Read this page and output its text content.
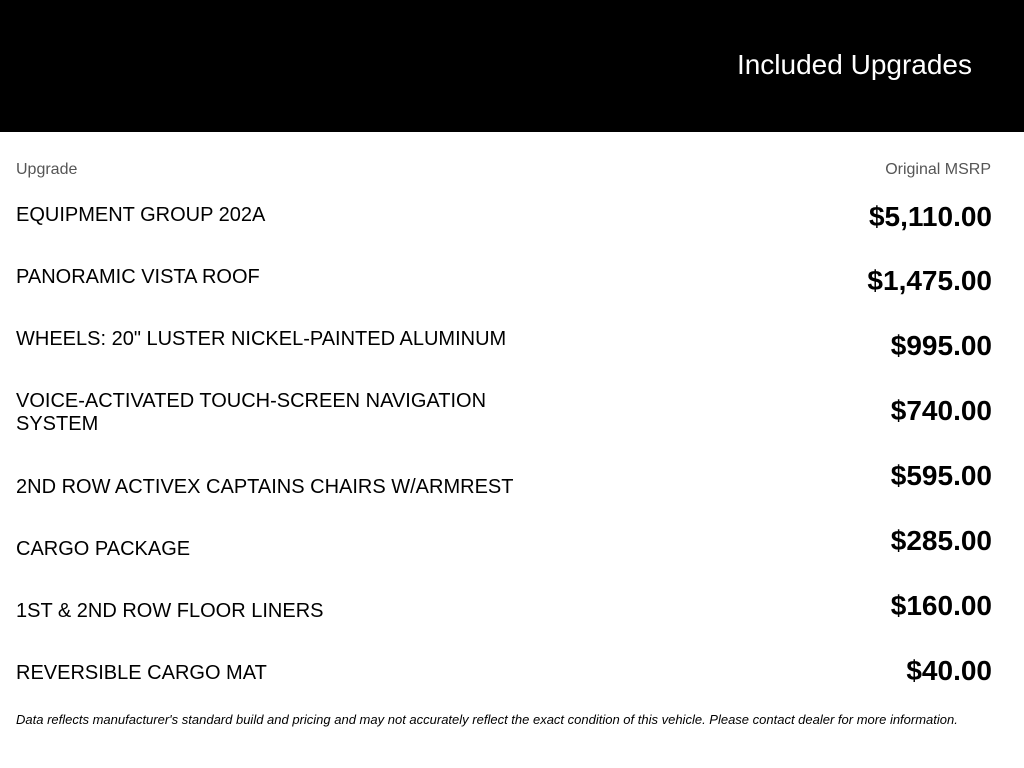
Included Upgrades
Upgrade	Original MSRP
EQUIPMENT GROUP 202A	$5,110.00
PANORAMIC VISTA ROOF	$1,475.00
WHEELS: 20" LUSTER NICKEL-PAINTED ALUMINUM	$995.00
VOICE-ACTIVATED TOUCH-SCREEN NAVIGATION SYSTEM	$740.00
2ND ROW ACTIVEX CAPTAINS CHAIRS W/ARMREST	$595.00
CARGO PACKAGE	$285.00
1ST & 2ND ROW FLOOR LINERS	$160.00
REVERSIBLE CARGO MAT	$40.00
Data reflects manufacturer's standard build and pricing and may not accurately reflect the exact condition of this vehicle. Please contact dealer for more information.
